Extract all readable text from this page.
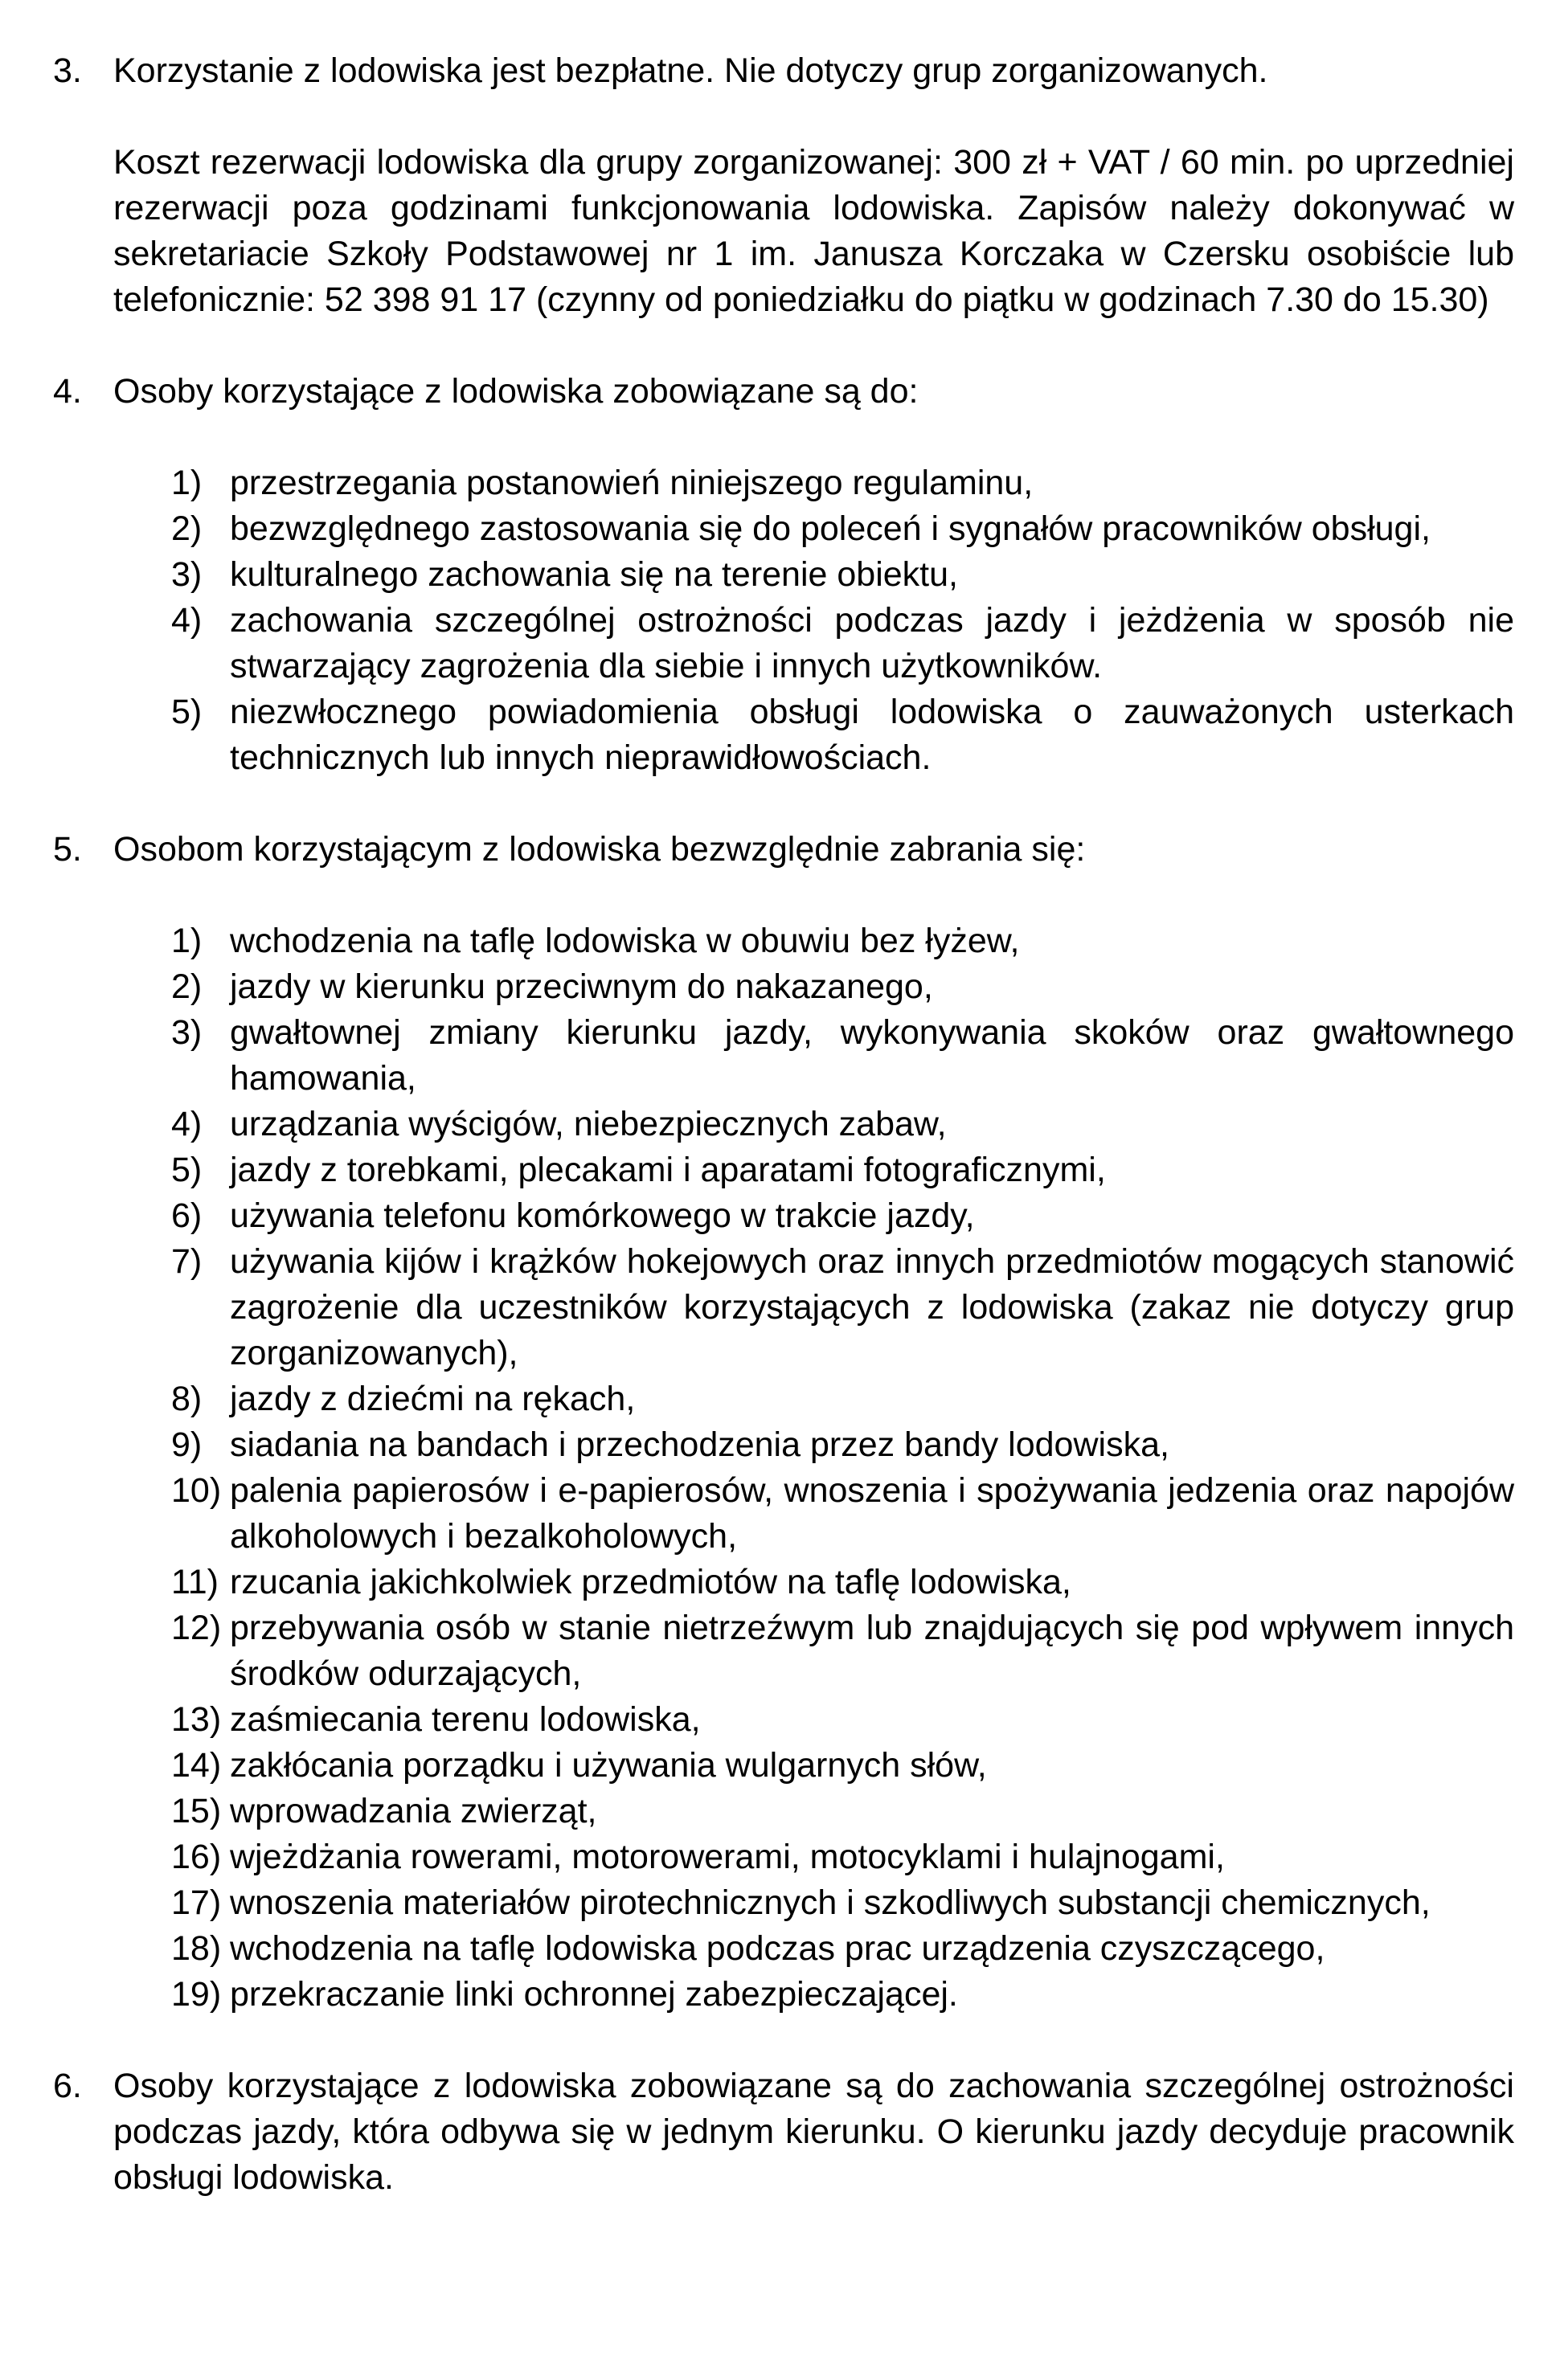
3. Korzystanie z lodowiska jest bezpłatne. Nie dotyczy grup zorganizowanych.

Koszt rezerwacji lodowiska dla grupy zorganizowanej: 300 zł + VAT / 60 min. po uprzedniej rezerwacji poza godzinami funkcjonowania lodowiska. Zapisów należy dokonywać w sekretariacie Szkoły Podstawowej nr 1 im. Janusza Korczaka w Czersku osobiście lub telefonicznie: 52 398 91 17 (czynny od poniedziałku do piątku w godzinach 7.30 do 15.30)

4. Osoby korzystające z lodowiska zobowiązane są do:

1) przestrzegania postanowień niniejszego regulaminu,
2) bezwzględnego zastosowania się do poleceń i sygnałów pracowników obsługi,
3) kulturalnego zachowania się na terenie obiektu,
4) zachowania szczególnej ostrożności podczas jazdy i jeżdżenia w sposób nie stwarzający zagrożenia dla siebie i innych użytkowników.
5) niezwłocznego powiadomienia obsługi lodowiska o zauważonych usterkach technicznych lub innych nieprawidłowościach.
5. Osobom korzystającym z lodowiska bezwzględnie zabrania się:

1) wchodzenia na taflę lodowiska w obuwiu bez łyżew,
2) jazdy w kierunku przeciwnym do nakazanego,
3) gwałtownej zmiany kierunku jazdy, wykonywania skoków oraz gwałtownego hamowania,
4) urządzania wyścigów, niebezpiecznych zabaw,
5) jazdy z torebkami, plecakami i aparatami fotograficznymi,
6) używania telefonu komórkowego w trakcie jazdy,
7) używania kijów i krążków hokejowych oraz innych przedmiotów mogących stanowić zagrożenie dla uczestników korzystających z lodowiska (zakaz nie dotyczy grup zorganizowanych),
8) jazdy z dziećmi na rękach,
9) siadania na bandach i przechodzenia przez bandy lodowiska,
10) palenia papierosów i e-papierosów, wnoszenia i spożywania jedzenia oraz napojów alkoholowych i bezalkoholowych,
11) rzucania jakichkolwiek przedmiotów na taflę lodowiska,
12) przebywania osób w stanie nietrzeźwym lub znajdujących się pod wpływem innych środków odurzających,
13) zaśmiecania terenu lodowiska,
14) zakłócania porządku i używania wulgarnych słów,
15) wprowadzania zwierząt,
16) wjeżdżania rowerami, motorowerami, motocyklami i hulajnogami,
17) wnoszenia materiałów pirotechnicznych i szkodliwych substancji chemicznych,
18) wchodzenia na taflę lodowiska podczas prac urządzenia czyszczącego,
19) przekraczanie linki ochronnej zabezpieczającej.
6. Osoby korzystające z lodowiska zobowiązane są do zachowania szczególnej ostrożności podczas jazdy, która odbywa się w jednym kierunku. O kierunku jazdy decyduje pracownik obsługi lodowiska.
